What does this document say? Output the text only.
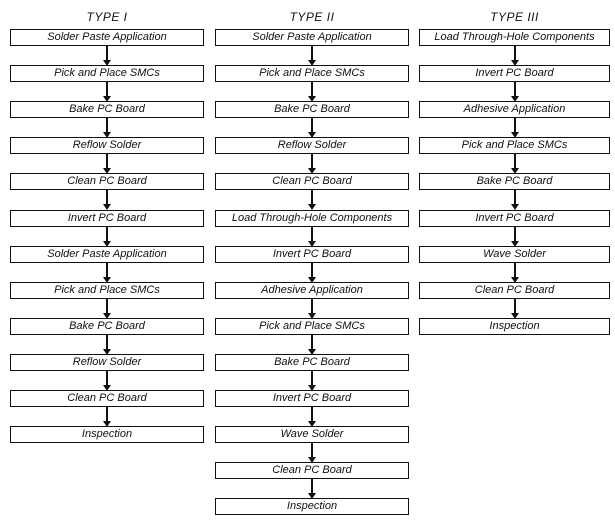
TYPE I
Solder Paste Application
Pick and Place SMCs
Bake PC Board
Reflow Solder
Clean PC Board
Invert PC Board
Solder Paste Application
Pick and Place SMCs
Bake PC Board
Reflow Solder
Clean PC Board
Inspection
TYPE II
Solder Paste Application
Pick and Place SMCs
Bake PC Board
Reflow Solder
Clean PC Board
Load Through-Hole Components
Invert PC Board
Adhesive Application
Pick and Place SMCs
Bake PC Board
Invert PC Board
Wave Solder
Clean PC Board
Inspection
TYPE III
Load Through-Hole Components
Invert PC Board
Adhesive Application
Pick and Place SMCs
Bake PC Board
Invert PC Board
Wave Solder
Clean PC Board
Inspection
